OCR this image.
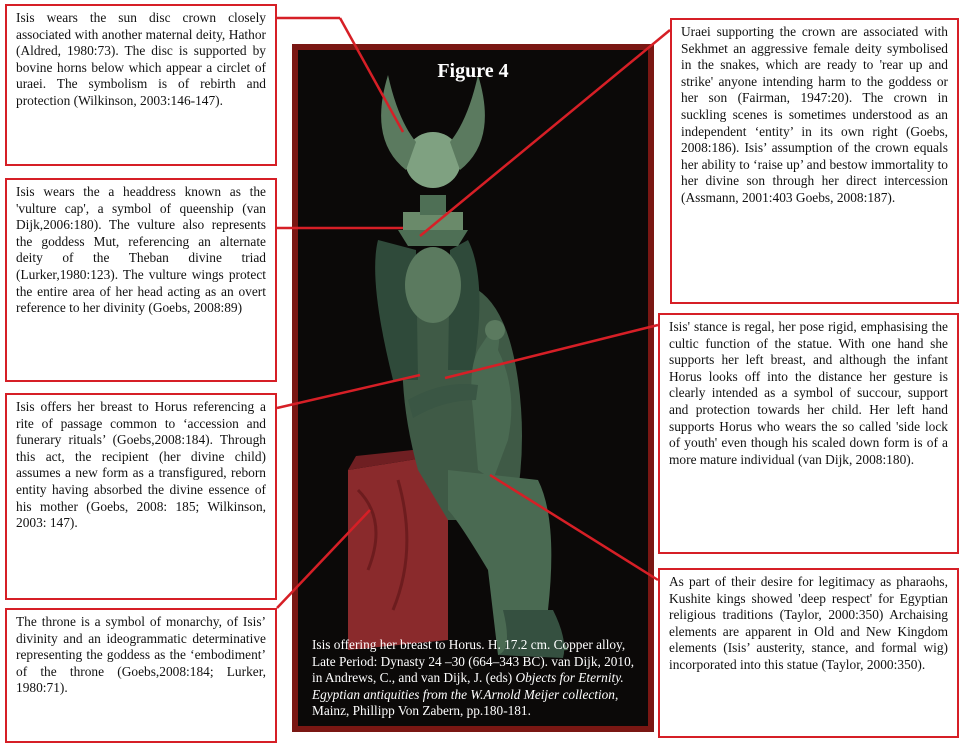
Isis wears the sun disc crown closely associated with another maternal deity, Hathor (Aldred, 1980:73). The disc is supported by bovine horns below which appear a circlet of uraei. The symbolism is of rebirth and protection (Wilkinson, 2003:146-147).
Isis wears the a headdress known as the 'vulture cap', a symbol of queenship (van Dijk,2006:180). The vulture also represents the goddess Mut, referencing an alternate deity of the Theban divine triad (Lurker,1980:123). The vulture wings protect the entire area of her head acting as an overt reference to her divinity (Goebs, 2008:89)
Isis offers her breast to Horus referencing a rite of passage common to ‘accession and funerary rituals’ (Goebs,2008:184). Through this act, the recipient (her divine child) assumes a new form as a transfigured, reborn entity having absorbed the divine essence of his mother (Goebs, 2008: 185; Wilkinson, 2003: 147).
The throne is a symbol of monarchy, of Isis’ divinity and an ideogrammatic determinative representing the goddess as the ‘embodiment’ of the throne (Goebs,2008:184; Lurker, 1980:71).
Uraei supporting the crown are associated with Sekhmet an aggressive female deity symbolised in the snakes, which are ready to 'rear up and strike' anyone intending harm to the goddess or her son (Fairman, 1947:20). The crown in suckling scenes is sometimes understood as an independent ‘entity’ in its own right (Goebs, 2008:186). Isis’ assumption of the crown equals her ability to ‘raise up’ and bestow immortality to her divine son through her direct intercession (Assmann, 2001:403 Goebs, 2008:187).
Isis' stance is regal, her pose rigid, emphasising the cultic function of the statue. With one hand she supports her left breast, and although the infant Horus looks off into the distance her gesture is clearly intended as a symbol of succour, support and protection towards her child. Her left hand supports Horus who wears the so called 'side lock of youth' even though his scaled down form is of a more mature individual (van Dijk, 2008:180).
As part of their desire for legitimacy as pharaohs, Kushite kings showed 'deep respect' for Egyptian religious traditions (Taylor, 2000:350) Archaising elements are apparent in Old and New Kingdom elements (Isis’ austerity, stance, and formal wig) incorporated into this statue (Taylor, 2000:350).
Figure 4
Isis offering her breast to Horus. H. 17.2 cm. Copper alloy, Late Period: Dynasty 24 –30 (664–343 BC). van Dijk, 2010, in Andrews, C., and van Dijk, J. (eds) Objects for Eternity. Egyptian antiquities from the W.Arnold Meijer collection, Mainz, Phillipp Von Zabern, pp.180-181.
